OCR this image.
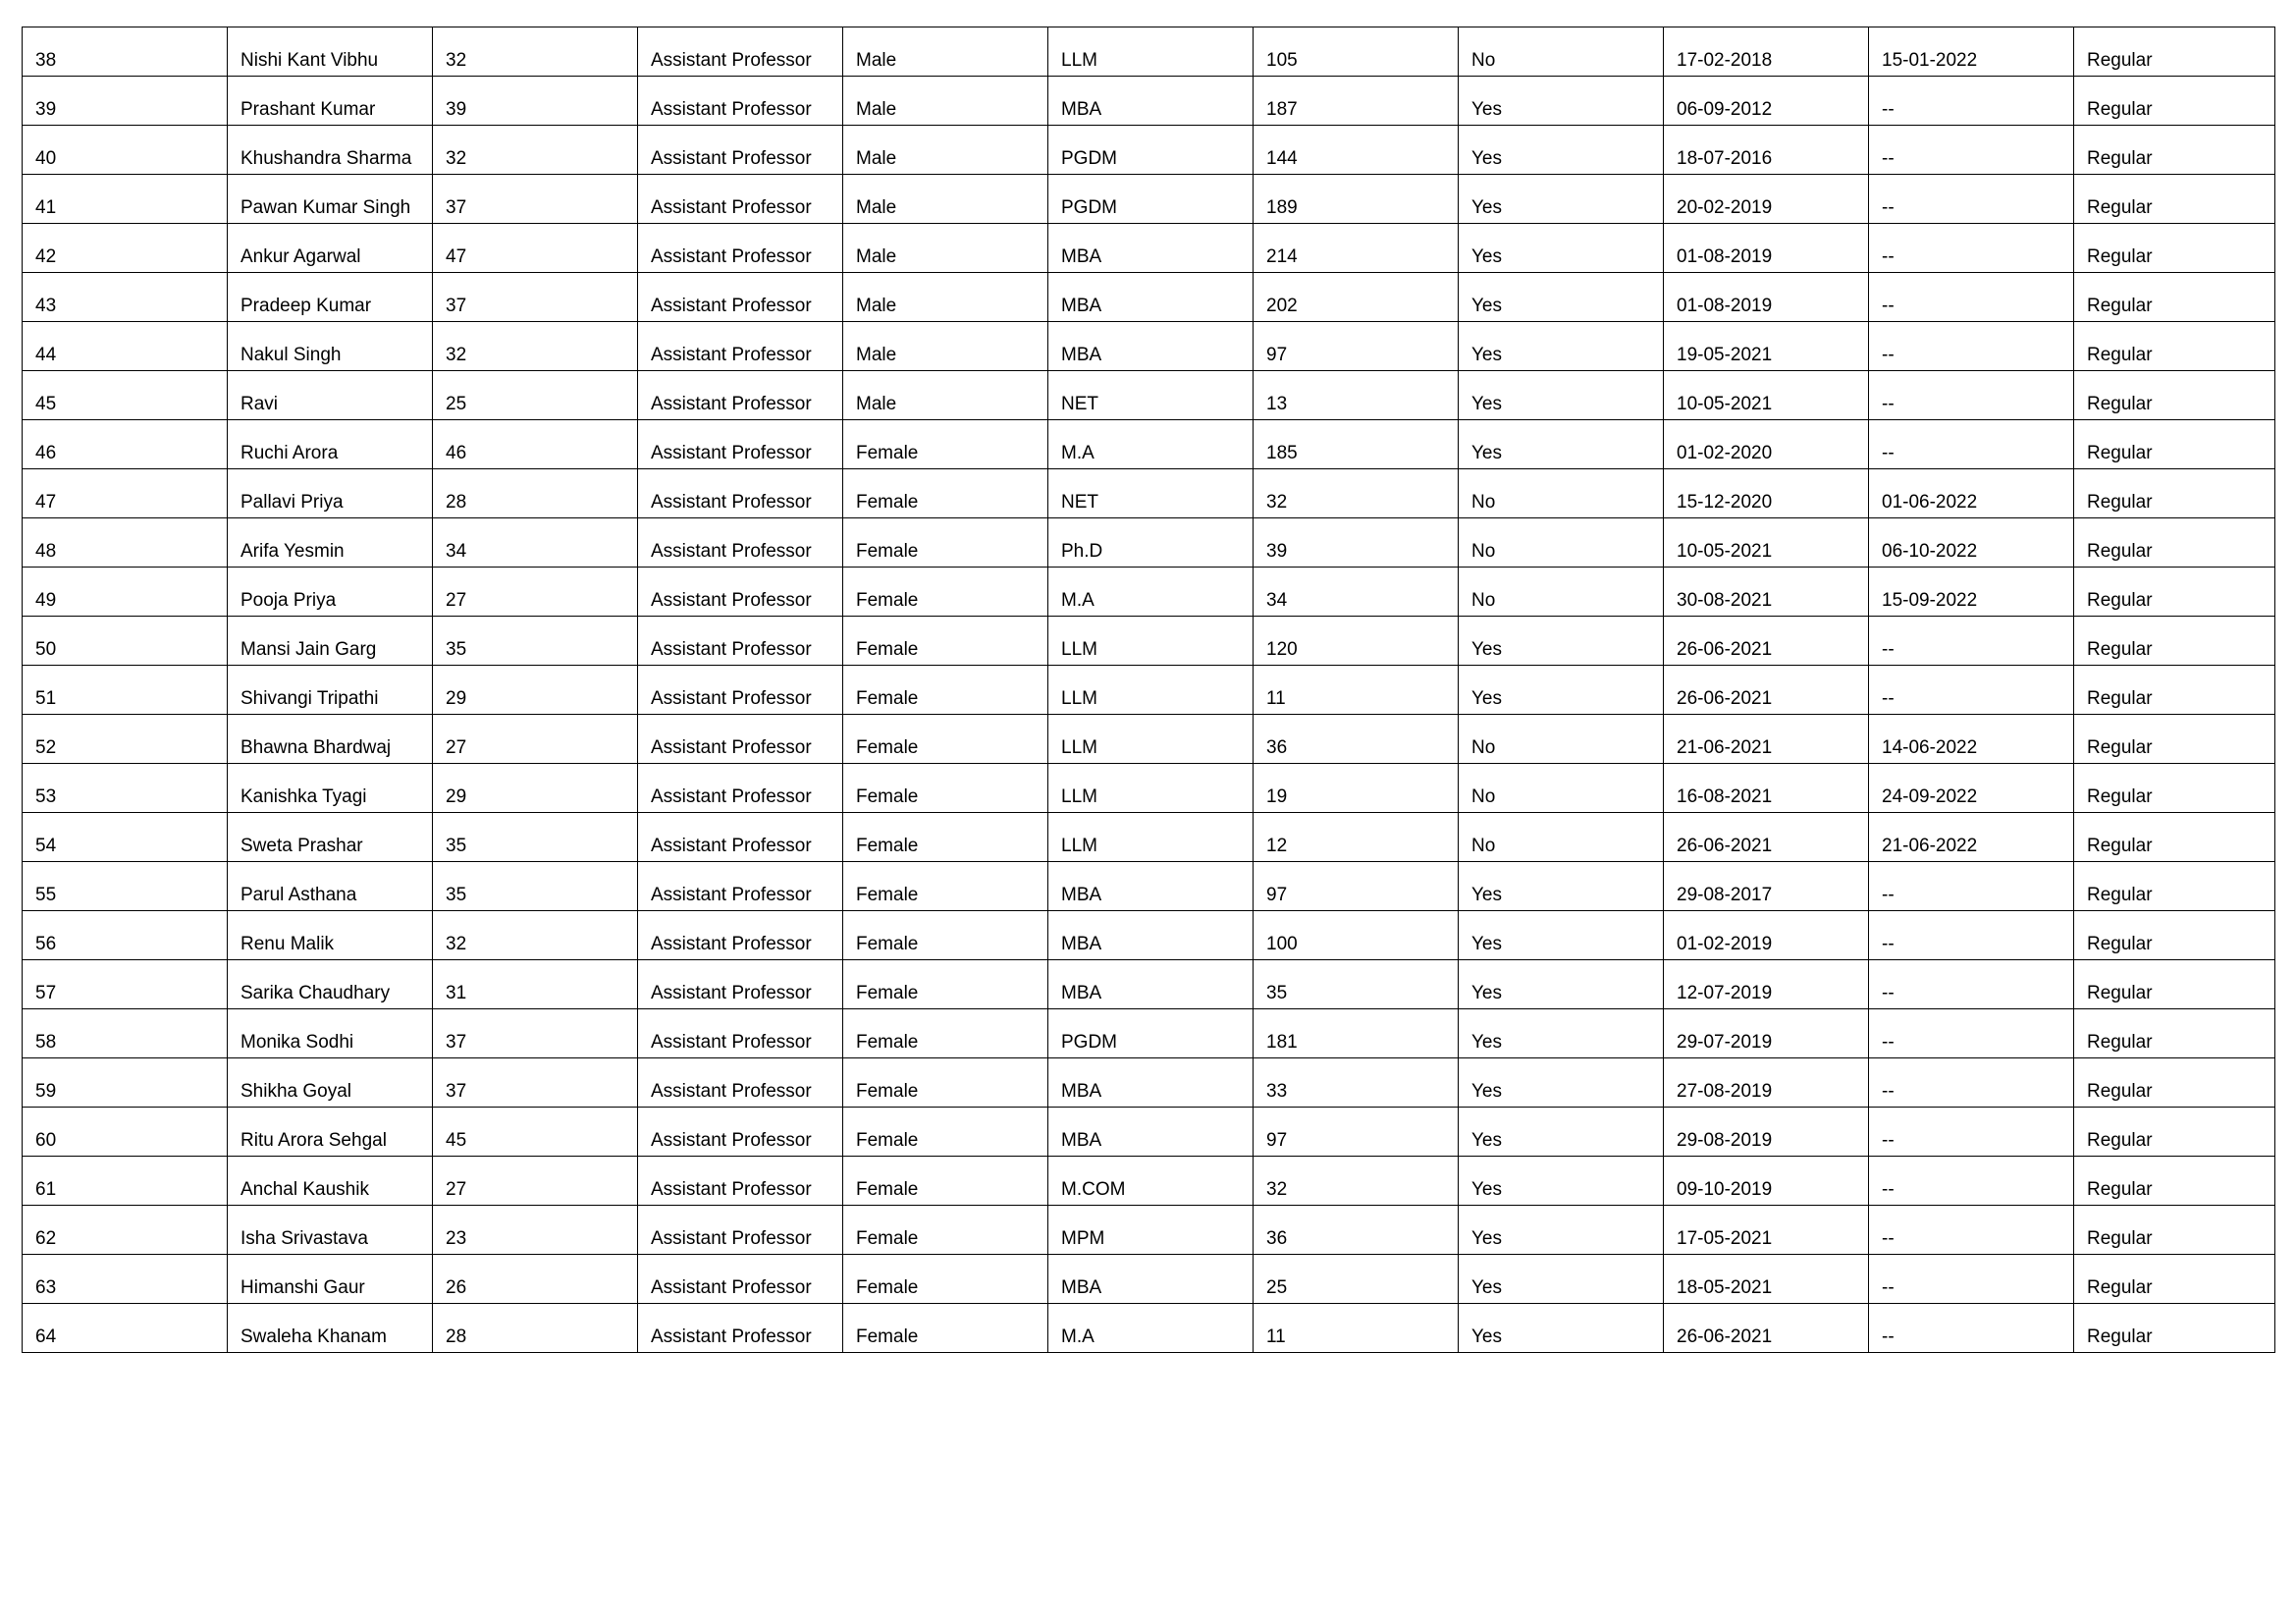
38	Nishi Kant Vibhu	32	Assistant Professor	Male	LLM	105	No	17-02-2018	15-01-2022	Regular
39	Prashant Kumar	39	Assistant Professor	Male	MBA	187	Yes	06-09-2012	--	Regular
40	Khushandra Sharma	32	Assistant Professor	Male	PGDM	144	Yes	18-07-2016	--	Regular
41	Pawan Kumar Singh	37	Assistant Professor	Male	PGDM	189	Yes	20-02-2019	--	Regular
42	Ankur Agarwal	47	Assistant Professor	Male	MBA	214	Yes	01-08-2019	--	Regular
43	Pradeep Kumar	37	Assistant Professor	Male	MBA	202	Yes	01-08-2019	--	Regular
44	Nakul Singh	32	Assistant Professor	Male	MBA	97	Yes	19-05-2021	--	Regular
45	Ravi	25	Assistant Professor	Male	NET	13	Yes	10-05-2021	--	Regular
46	Ruchi Arora	46	Assistant Professor	Female	M.A	185	Yes	01-02-2020	--	Regular
47	Pallavi Priya	28	Assistant Professor	Female	NET	32	No	15-12-2020	01-06-2022	Regular
48	Arifa Yesmin	34	Assistant Professor	Female	Ph.D	39	No	10-05-2021	06-10-2022	Regular
49	Pooja Priya	27	Assistant Professor	Female	M.A	34	No	30-08-2021	15-09-2022	Regular
50	Mansi Jain Garg	35	Assistant Professor	Female	LLM	120	Yes	26-06-2021	--	Regular
51	Shivangi Tripathi	29	Assistant Professor	Female	LLM	11	Yes	26-06-2021	--	Regular
52	Bhawna Bhardwaj	27	Assistant Professor	Female	LLM	36	No	21-06-2021	14-06-2022	Regular
53	Kanishka Tyagi	29	Assistant Professor	Female	LLM	19	No	16-08-2021	24-09-2022	Regular
54	Sweta Prashar	35	Assistant Professor	Female	LLM	12	No	26-06-2021	21-06-2022	Regular
55	Parul Asthana	35	Assistant Professor	Female	MBA	97	Yes	29-08-2017	--	Regular
56	Renu Malik	32	Assistant Professor	Female	MBA	100	Yes	01-02-2019	--	Regular
57	Sarika Chaudhary	31	Assistant Professor	Female	MBA	35	Yes	12-07-2019	--	Regular
58	Monika Sodhi	37	Assistant Professor	Female	PGDM	181	Yes	29-07-2019	--	Regular
59	Shikha Goyal	37	Assistant Professor	Female	MBA	33	Yes	27-08-2019	--	Regular
60	Ritu Arora Sehgal	45	Assistant Professor	Female	MBA	97	Yes	29-08-2019	--	Regular
61	Anchal Kaushik	27	Assistant Professor	Female	M.COM	32	Yes	09-10-2019	--	Regular
62	Isha Srivastava	23	Assistant Professor	Female	MPM	36	Yes	17-05-2021	--	Regular
63	Himanshi Gaur	26	Assistant Professor	Female	MBA	25	Yes	18-05-2021	--	Regular
64	Swaleha Khanam	28	Assistant Professor	Female	M.A	11	Yes	26-06-2021	--	Regular
